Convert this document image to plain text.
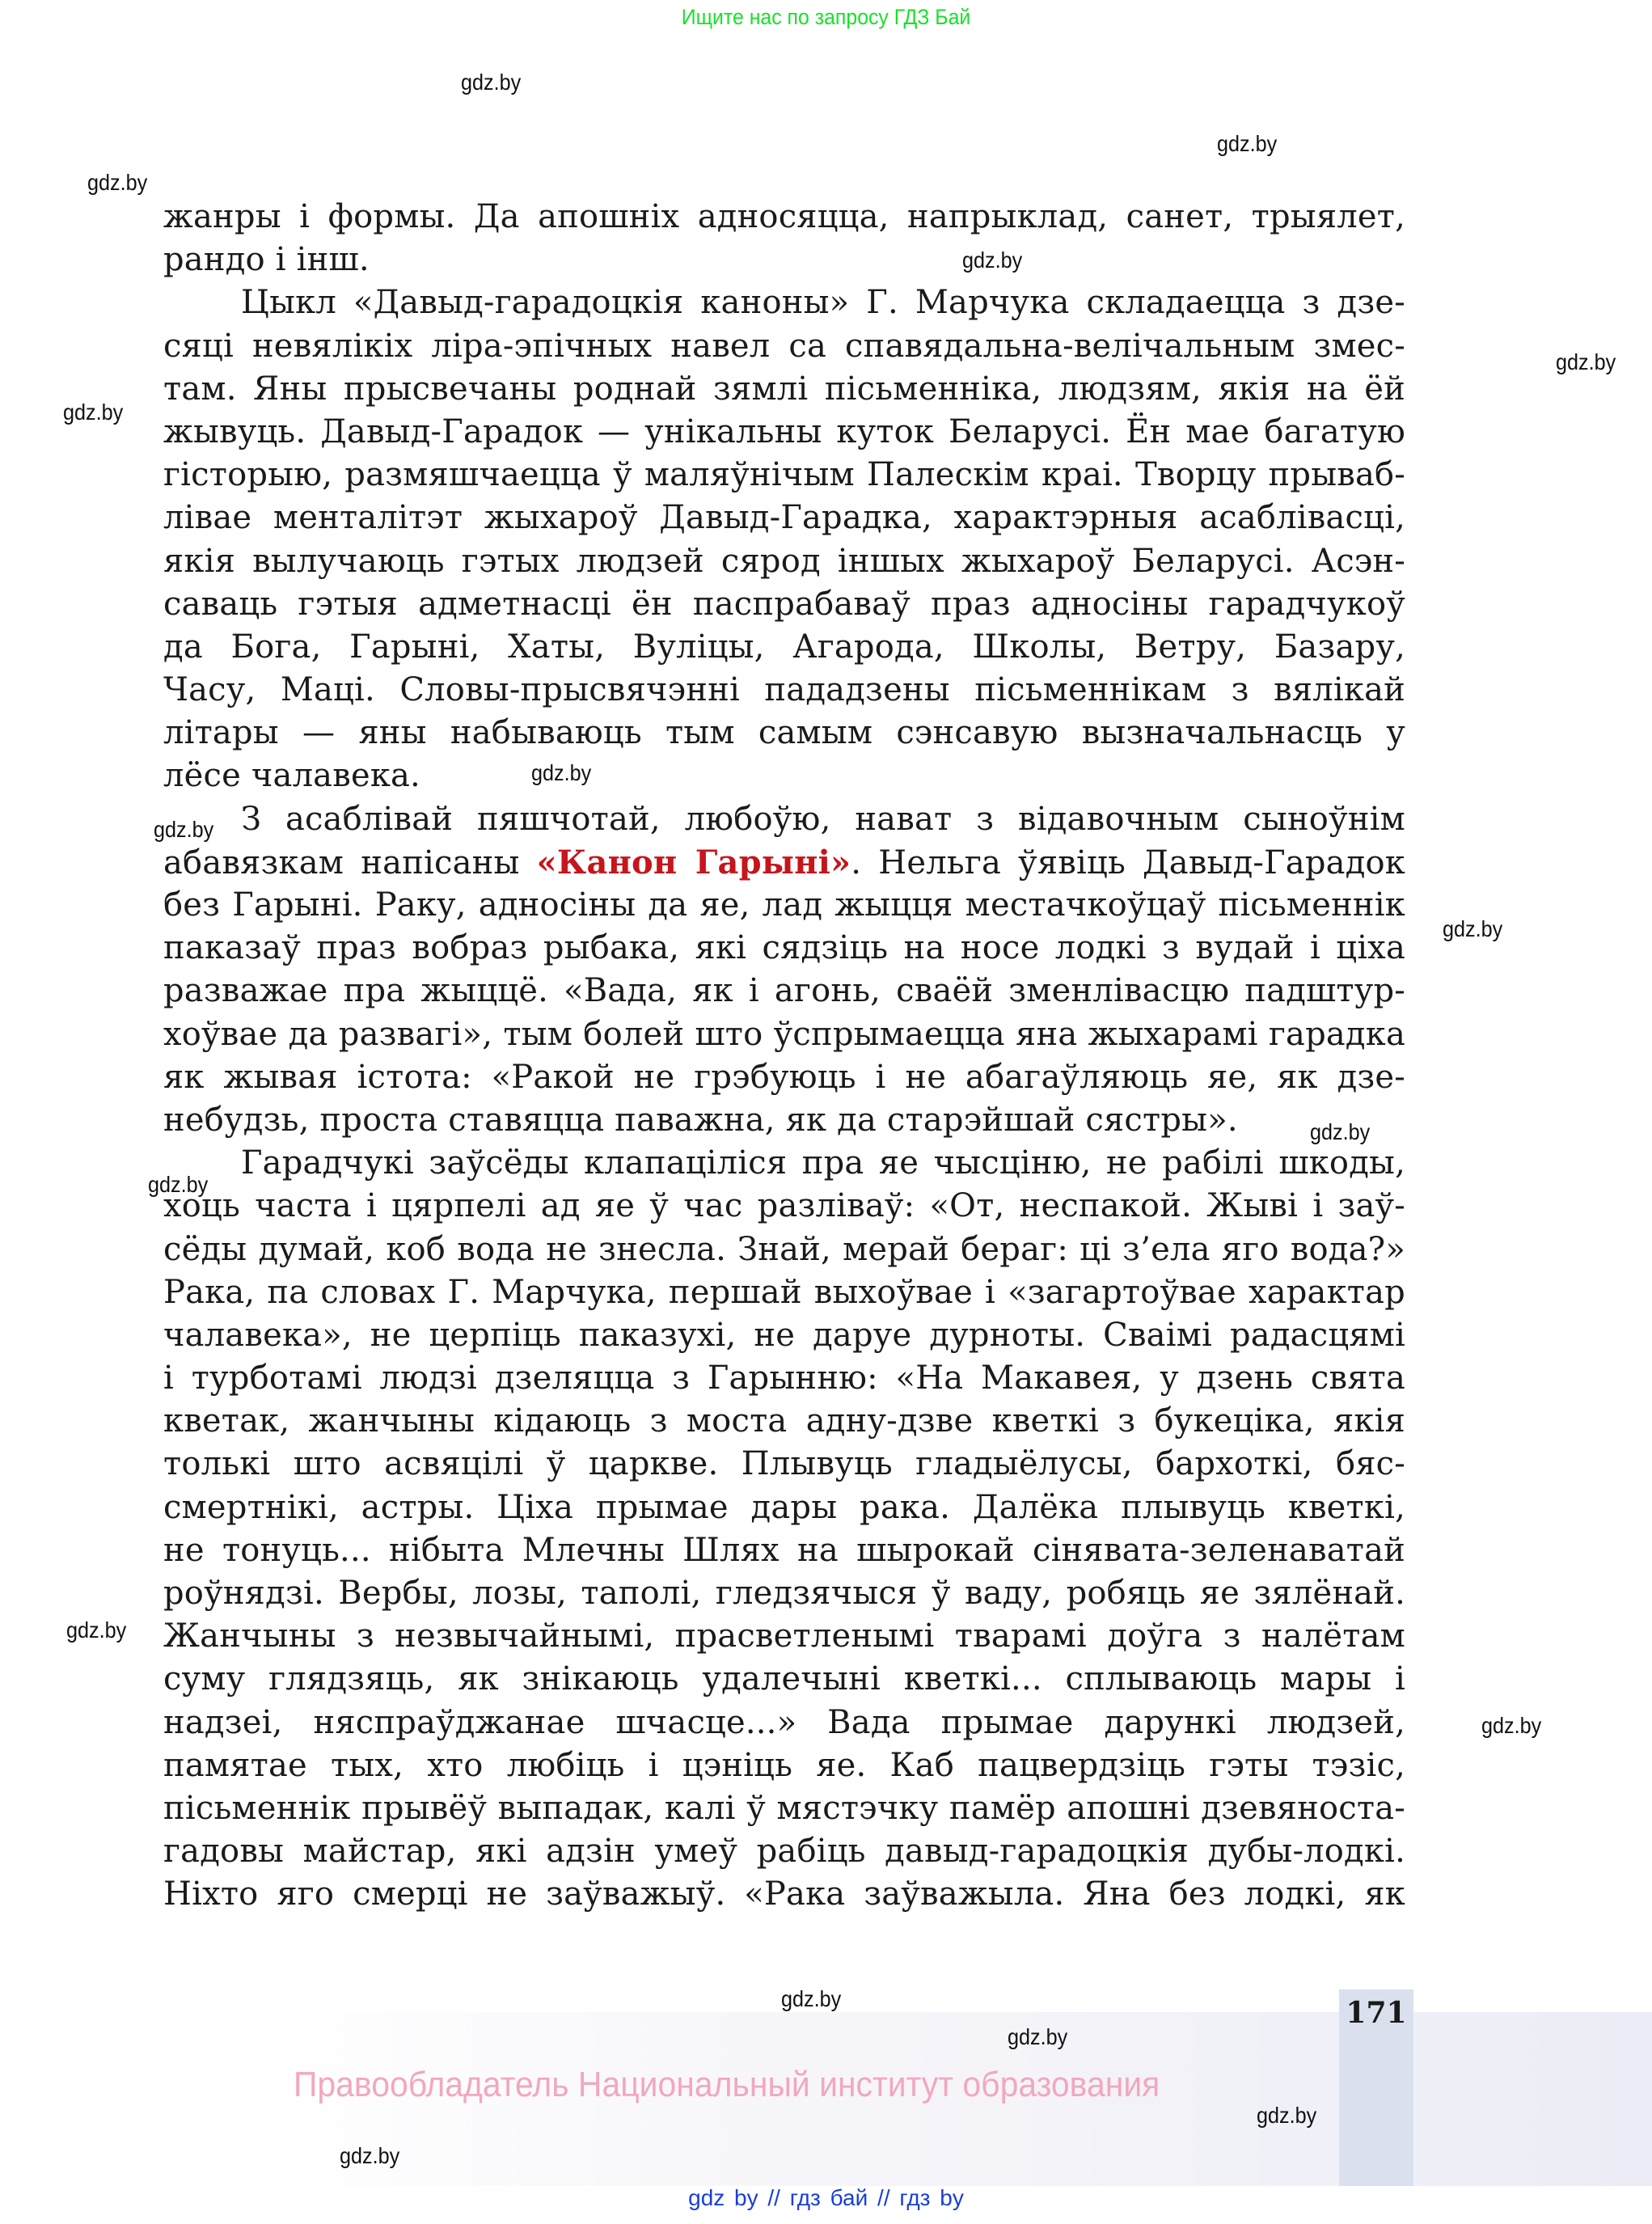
Ищите нас по запросу ГДЗ Бай
171
Правообладатель Национальный институт образования
жанры і формы. Да апошніх адносяцца, напрыклад, санет, трыялет,
рандо і інш.
Цыкл «Давыд-гарадоцкія каноны» Г. Марчука складаецца з дзе-
сяці невялікіх ліра-эпічных навел са спавядальна-велічальным змес-
там. Яны прысвечаны роднай зямлі пісьменніка, людзям, якія на ёй
жывуць. Давыд-Гарадок — унікальны куток Беларусі. Ён мае багатую
гісторыю, размяшчаецца ў маляўнічым Палескім краі. Творцу прываб-
лівае менталітэт жыхароў Давыд-Гарадка, характэрныя асаблівасці,
якія вылучаюць гэтых людзей сярод іншых жыхароў Беларусі. Асэн-
саваць гэтыя адметнасці ён паспрабаваў праз адносіны гарадчукоў
да Бога, Гарыні, Хаты, Вуліцы, Агарода, Школы, Ветру, Базару,
Часу, Маці. Словы-прысвячэнні пададзены пісьменнікам з вялікай
літары — яны набываюць тым самым сэнсавую вызначальнасць у
лёсе чалавека.
З асаблівай пяшчотай, любоўю, нават з відавочным сыноўнім
абавязкам напісаны «Канон Гарыні». Нельга ўявіць Давыд-Гарадок
без Гарыні. Раку, адносіны да яе, лад жыцця местачкоўцаў пісьменнік
паказаў праз вобраз рыбака, які сядзіць на носе лодкі з вудай і ціха
разважае пра жыццё. «Вада, як і агонь, сваёй зменлівасцю падштур-
хоўвае да развагі», тым болей што ўспрымаецца яна жыхарамі гарадка
як жывая істота: «Ракой не грэбуюць і не абагаўляюць яе, як дзе-
небудзь, проста ставяцца паважна, як да старэйшай сястры».
Гарадчукі заўсёды клапаціліся пра яе чысціню, не рабілі шкоды,
хоць часта і цярпелі ад яе ў час разліваў: «От, неспакой. Жыві і заў-
сёды думай, коб вода не знесла. Знай, мерай бераг: ці з’ела яго вода?»
Рака, па словах Г. Марчука, першай выхоўвае і «загартоўвае характар
чалавека», не церпіць паказухі, не даруе дурноты. Сваімі радасцямі
і турботамі людзі дзеляцца з Гарынню: «На Макавея, у дзень свята
кветак, жанчыны кідаюць з моста адну-дзве кветкі з букеціка, якія
толькі што асвяцілі ў царкве. Плывуць гладыёлусы, бархоткі, бяс-
смертнікі, астры. Ціха прымае дары рака. Далёка плывуць кветкі,
не тонуць... нібыта Млечны Шлях на шырокай сінявата-зеленаватай
роўнядзі. Вербы, лозы, таполі, гледзячыся ў ваду, робяць яе зялёнай.
Жанчыны з незвычайнымі, прасветленымі тварамі доўга з налётам
суму глядзяць, як знікаюць удалечыні кветкі... сплываюць мары і
надзеі, няспраўджанае шчасце...» Вада прымае дарункі людзей,
памятае тых, хто любіць і цэніць яе. Каб пацвердзіць гэты тэзіс,
пісьменнік прывёў выпадак, калі ў мястэчку памёр апошні дзевяноста-
гадовы майстар, які адзін умеў рабіць давыд-гарадоцкія дубы-лодкі.
Ніхто яго смерці не заўважыў. «Рака заўважыла. Яна без лодкі, як
gdz.by
gdz.by
gdz.by
gdz.by
gdz.by
gdz.by
gdz.by
gdz.by
gdz.by
gdz.by
gdz.by
gdz.by
gdz.by
gdz.by
gdz.by
gdz.by
gdz.by
gdz by // гдз бай // гдз by
